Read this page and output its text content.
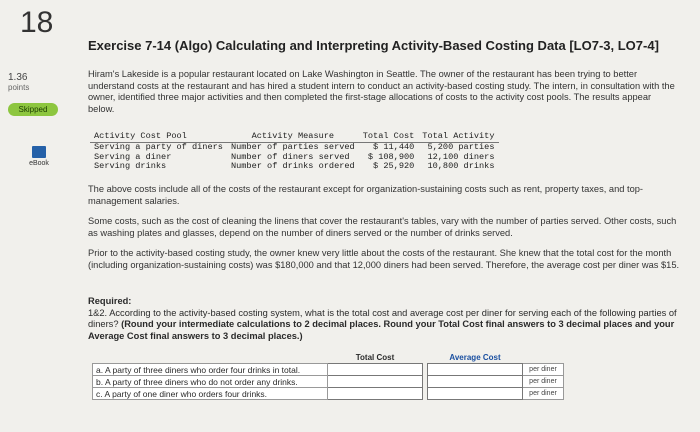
18
1.36
points
Skipped
eBook
Exercise 7-14 (Algo) Calculating and Interpreting Activity-Based Costing Data [LO7-3, LO7-4]
Hiram's Lakeside is a popular restaurant located on Lake Washington in Seattle. The owner of the restaurant has been trying to better understand costs at the restaurant and has hired a student intern to conduct an activity-based costing study. The intern, in consultation with the owner, identified three major activities and then completed the first-stage allocations of costs to the activity cost pools. The results appear below.
Activity Cost Pool	Activity Measure	Total Cost	Total Activity
Serving a party of diners	Number of parties served	$ 11,440	5,200 parties
Serving a diner	Number of diners served	$ 108,900	12,100 diners
Serving drinks	Number of drinks ordered	$ 25,920	10,800 drinks
The above costs include all of the costs of the restaurant except for organization-sustaining costs such as rent, property taxes, and top-management salaries.
Some costs, such as the cost of cleaning the linens that cover the restaurant's tables, vary with the number of parties served. Other costs, such as washing plates and glasses, depend on the number of diners served or the number of drinks served.
Prior to the activity-based costing study, the owner knew very little about the costs of the restaurant. She knew that the total cost for the month (including organization-sustaining costs) was $180,000 and that 12,000 diners had been served. Therefore, the average cost per diner was $15.
Required:
1&2. According to the activity-based costing system, what is the total cost and average cost per diner for serving each of the following parties of diners? (Round your intermediate calculations to 2 decimal places. Round your Total Cost final answers to 3 decimal places and your Average Cost final answers to 3 decimal places.)
	Total Cost		Average Cost	
a. A party of three diners who order four drinks in total.				per diner
b. A party of three diners who do not order any drinks.				per diner
c. A party of one diner who orders four drinks.				per diner
